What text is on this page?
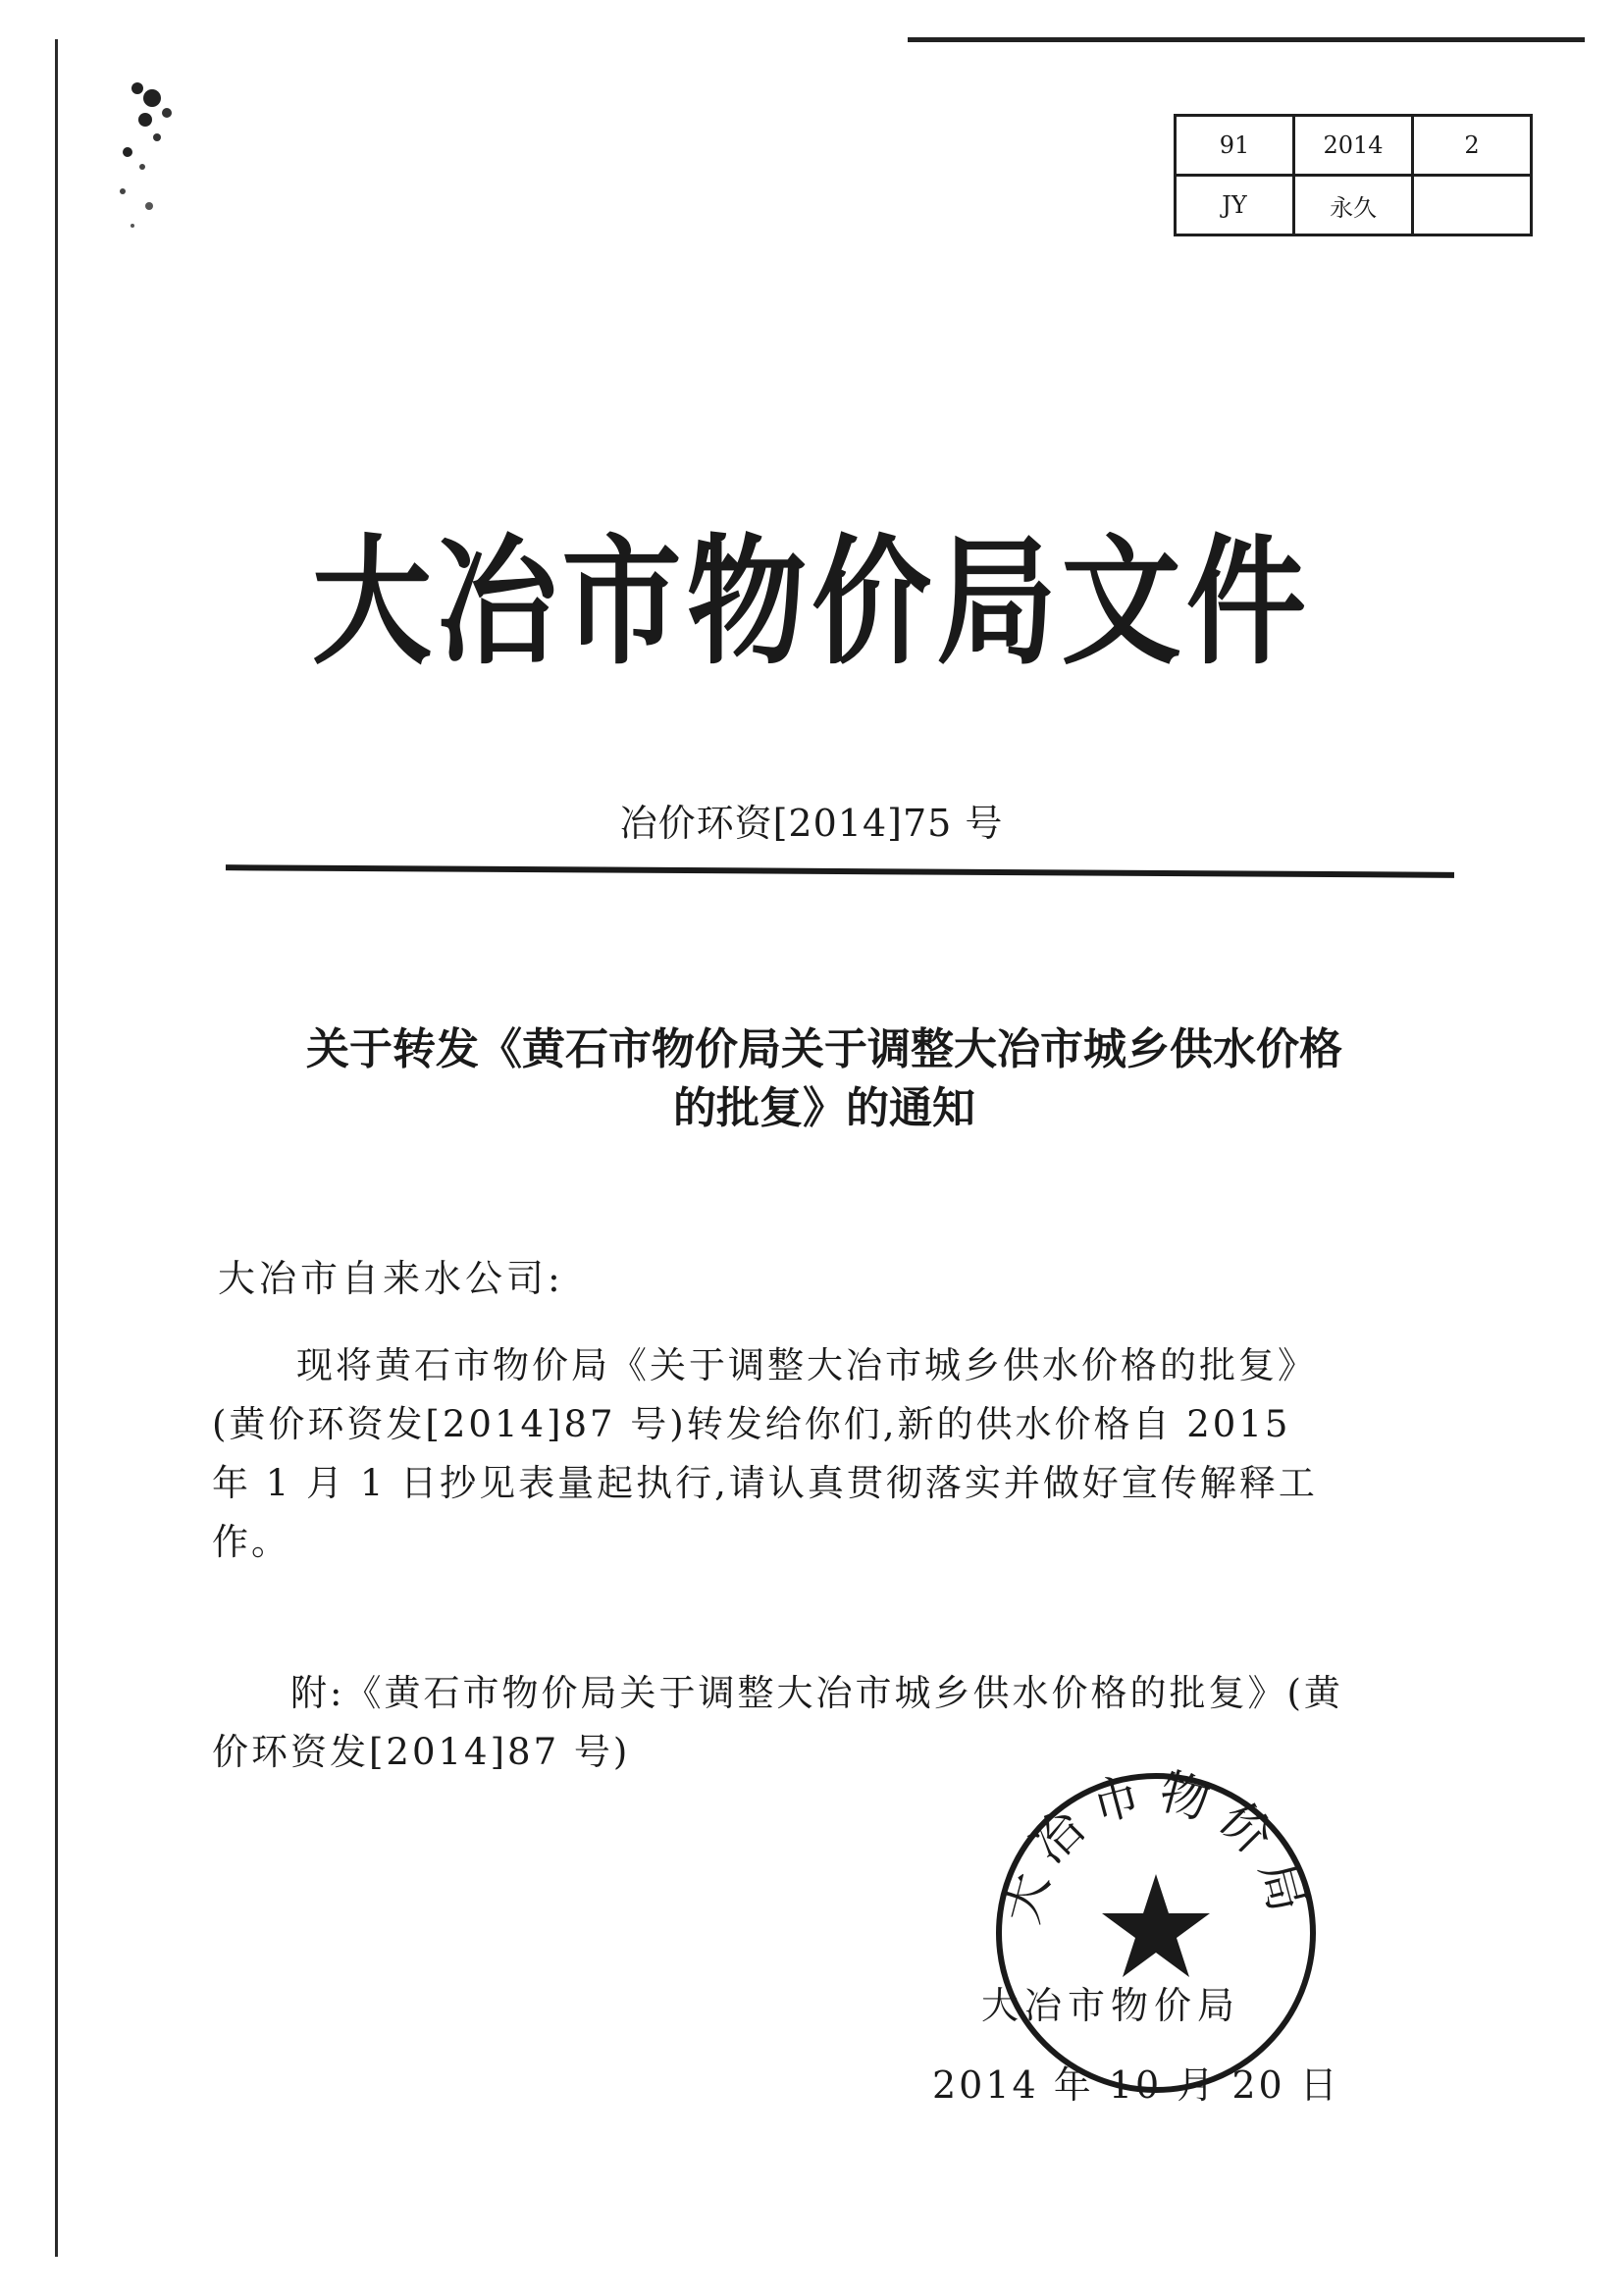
91	2014	2
JY	永久	
大冶市物价局文件
冶价环资[2014]75 号
关于转发《黄石市物价局关于调整大冶市城乡供水价格
的批复》的通知
大冶市自来水公司:
现将黄石市物价局《关于调整大冶市城乡供水价格的批复》
(黄价环资发[2014]87 号)转发给你们,新的供水价格自 2015
年 1 月 1 日抄见表量起执行,请认真贯彻落实并做好宣传解释工
作。
附:《黄石市物价局关于调整大冶市城乡供水价格的批复》(黄
价环资发[2014]87 号)
大冶市物价局
2014 年 10 月 20 日
大冶市物价局
